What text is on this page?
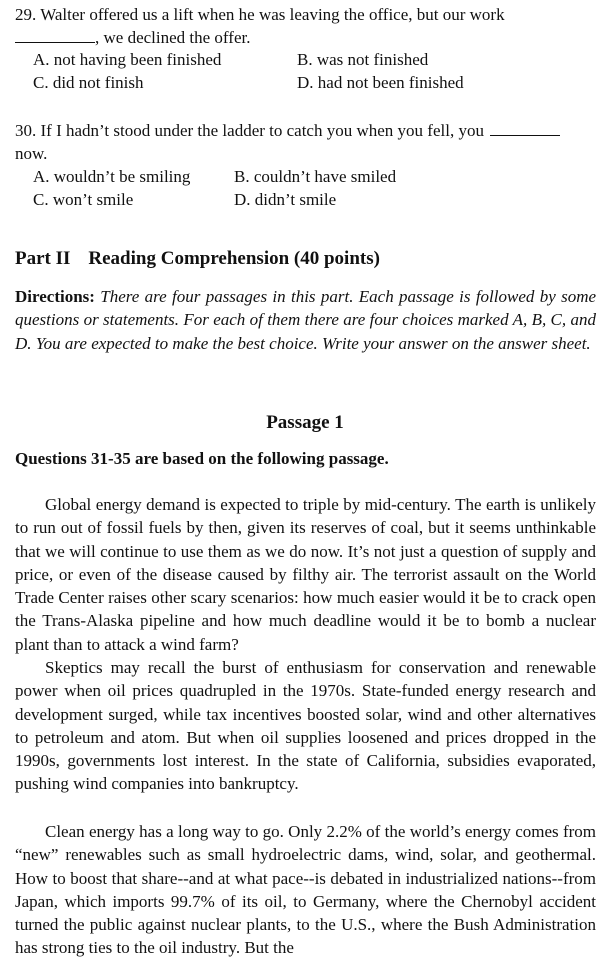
29. Walter offered us a lift when he was leaving the office, but our work
, we declined the offer.
A. not having been finished	B. was not finished
C. did not finish	D. had not been finished
30. If I hadn’t stood under the ladder to catch you when you fell, you
now.
A. wouldn’t be smiling	B. couldn’t have smiled
C. won’t smile	D. didn’t smile
Part II Reading Comprehension (40 points)
Directions: There are four passages in this part. Each passage is followed by some questions or statements. For each of them there are four choices marked A, B, C, and D. You are expected to make the best choice. Write your answer on the answer sheet.
Passage 1
Questions 31-35 are based on the following passage.
Global energy demand is expected to triple by mid-century. The earth is unlikely to run out of fossil fuels by then, given its reserves of coal, but it seems unthinkable that we will continue to use them as we do now. It’s not just a question of supply and price, or even of the disease caused by filthy air. The terrorist assault on the World Trade Center raises other scary scenarios: how much easier would it be to crack open the Trans-Alaska pipeline and how much deadline would it be to bomb a nuclear plant than to attack a wind farm?
Skeptics may recall the burst of enthusiasm for conservation and renewable power when oil prices quadrupled in the 1970s. State-funded energy research and development surged, while tax incentives boosted solar, wind and other alternatives to petroleum and atom. But when oil supplies loosened and prices dropped in the 1990s, governments lost interest. In the state of California, subsidies evaporated, pushing wind companies into bankruptcy.
Clean energy has a long way to go. Only 2.2% of the world’s energy comes from “new” renewables such as small hydroelectric dams, wind, solar, and geothermal. How to boost that share--and at what pace--is debated in industrialized nations--from Japan, which imports 99.7% of its oil, to Germany, where the Chernobyl accident turned the public against nuclear plants, to the U.S., where the Bush Administration has strong ties to the oil industry. But the
